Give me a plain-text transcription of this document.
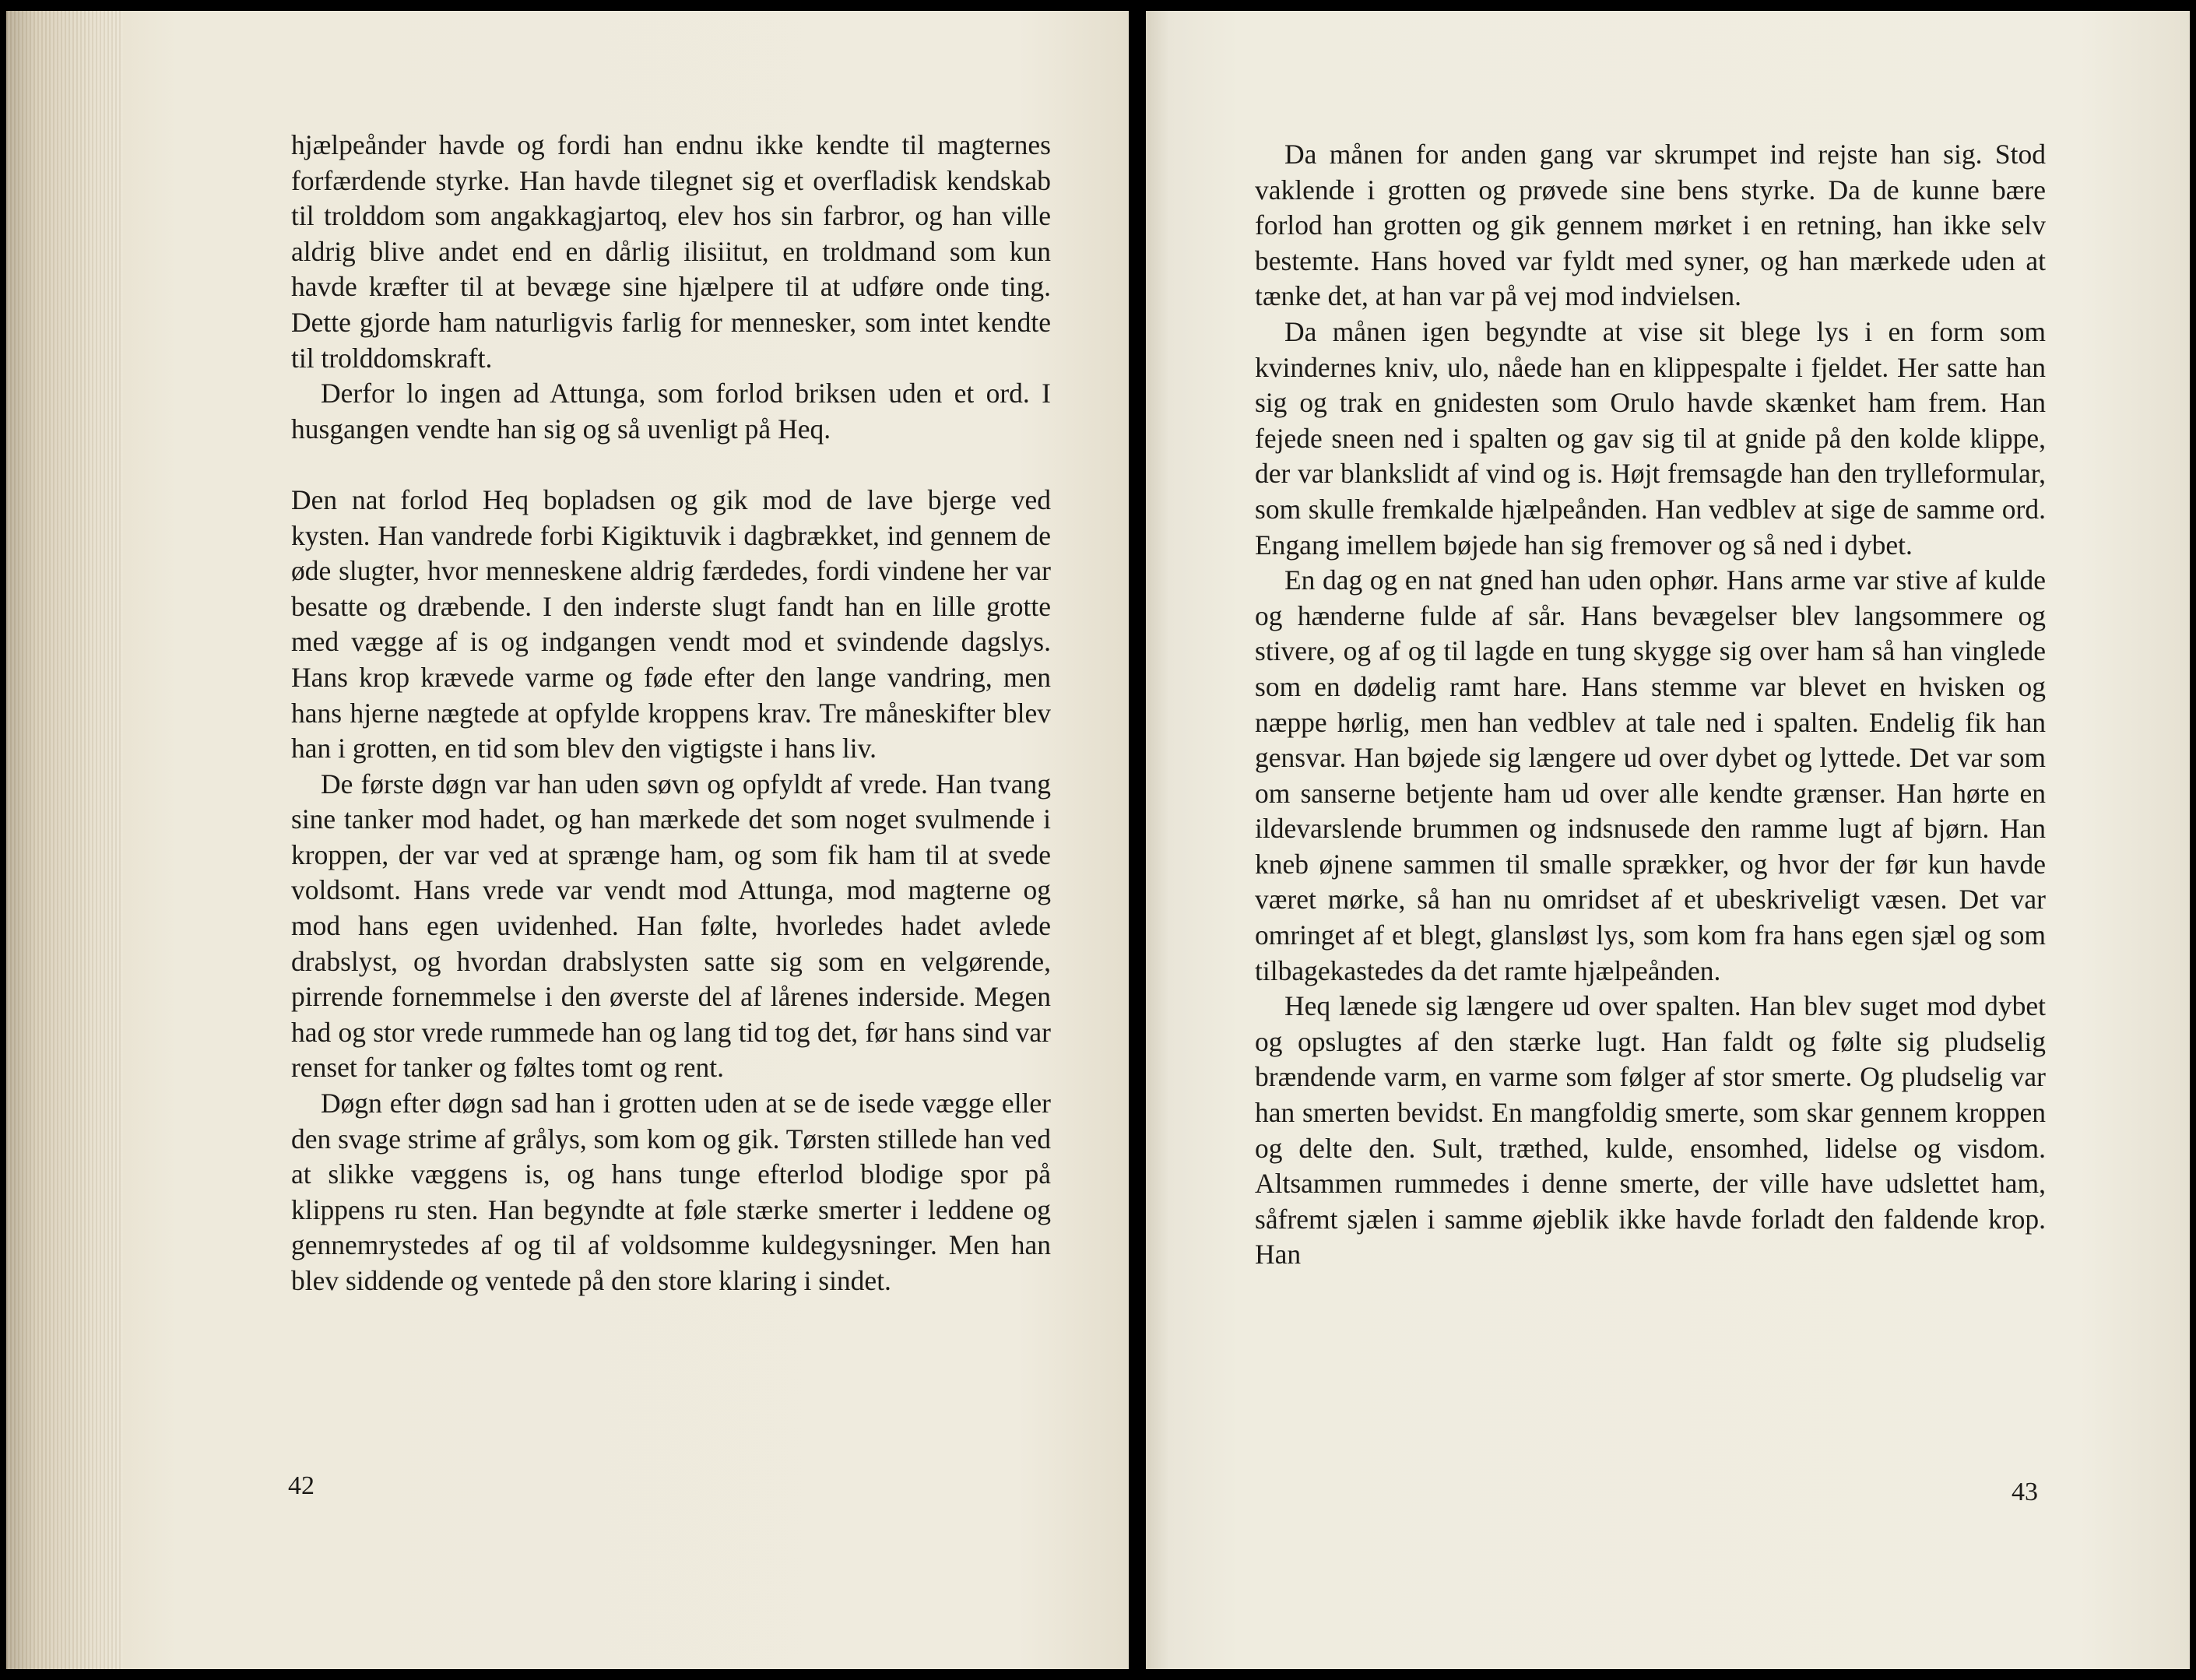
hjælpeånder havde og fordi han endnu ikke kendte til magternes forfærdende styrke. Han havde tilegnet sig et overfladisk kendskab til trolddom som angakkagjartoq, elev hos sin farbror, og han ville aldrig blive andet end en dårlig ilisiitut, en troldmand som kun havde kræfter til at bevæge sine hjælpere til at udføre onde ting. Dette gjorde ham naturligvis farlig for mennesker, som intet kendte til trolddomskraft.

Derfor lo ingen ad Attunga, som forlod briksen uden et ord. I husgangen vendte han sig og så uvenligt på Heq.

Den nat forlod Heq bopladsen og gik mod de lave bjerge ved kysten. Han vandrede forbi Kigiktuvik i dagbrækket, ind gennem de øde slugter, hvor menneskene aldrig færdedes, fordi vindene her var besatte og dræbende. I den inderste slugt fandt han en lille grotte med vægge af is og indgangen vendt mod et svindende dagslys. Hans krop krævede varme og føde efter den lange vandring, men hans hjerne nægtede at opfylde kroppens krav. Tre måneskifter blev han i grotten, en tid som blev den vigtigste i hans liv.

De første døgn var han uden søvn og opfyldt af vrede. Han tvang sine tanker mod hadet, og han mærkede det som noget svulmende i kroppen, der var ved at sprænge ham, og som fik ham til at svede voldsomt. Hans vrede var vendt mod Attunga, mod magterne og mod hans egen uvidenhed. Han følte, hvorledes hadet avlede drabslyst, og hvordan drabslysten satte sig som en velgørende, pirrende fornemmelse i den øverste del af lårenes inderside. Megen had og stor vrede rummede han og lang tid tog det, før hans sind var renset for tanker og føltes tomt og rent.

Døgn efter døgn sad han i grotten uden at se de isede vægge eller den svage strime af grålys, som kom og gik. Tørsten stillede han ved at slikke væggens is, og hans tunge efterlod blodige spor på klippens ru sten. Han begyndte at føle stærke smerter i leddene og gennemrystedes af og til af voldsomme kuldegysninger. Men han blev siddende og ventede på den store klaring i sindet.

42

Da månen for anden gang var skrumpet ind rejste han sig. Stod vaklende i grotten og prøvede sine bens styrke. Da de kunne bære forlod han grotten og gik gennem mørket i en retning, han ikke selv bestemte. Hans hoved var fyldt med syner, og han mærkede uden at tænke det, at han var på vej mod indvielsen.

Da månen igen begyndte at vise sit blege lys i en form som kvindernes kniv, ulo, nåede han en klippespalte i fjeldet. Her satte han sig og trak en gnidesten som Orulo havde skænket ham frem. Han fejede sneen ned i spalten og gav sig til at gnide på den kolde klippe, der var blankslidt af vind og is. Højt fremsagde han den trylleformular, som skulle fremkalde hjælpeånden. Han vedblev at sige de samme ord. Engang imellem bøjede han sig fremover og så ned i dybet.

En dag og en nat gned han uden ophør. Hans arme var stive af kulde og hænderne fulde af sår. Hans bevægelser blev langsommere og stivere, og af og til lagde en tung skygge sig over ham så han vinglede som en dødelig ramt hare. Hans stemme var blevet en hvisken og næppe hørlig, men han vedblev at tale ned i spalten. Endelig fik han gensvar. Han bøjede sig længere ud over dybet og lyttede. Det var som om sanserne betjente ham ud over alle kendte grænser. Han hørte en ildevarslende brummen og indsnusede den ramme lugt af bjørn. Han kneb øjnene sammen til smalle sprækker, og hvor der før kun havde været mørke, så han nu omridset af et ubeskriveligt væsen. Det var omringet af et blegt, glansløst lys, som kom fra hans egen sjæl og som tilbagekastedes da det ramte hjælpeånden.

Heq lænede sig længere ud over spalten. Han blev suget mod dybet og opslugtes af den stærke lugt. Han faldt og følte sig pludselig brændende varm, en varme som følger af stor smerte. Og pludselig var han smerten bevidst. En mangfoldig smerte, som skar gennem kroppen og delte den. Sult, træthed, kulde, ensomhed, lidelse og visdom. Altsammen rummedes i denne smerte, der ville have udslettet ham, såfremt sjælen i samme øjeblik ikke havde forladt den faldende krop. Han

43
